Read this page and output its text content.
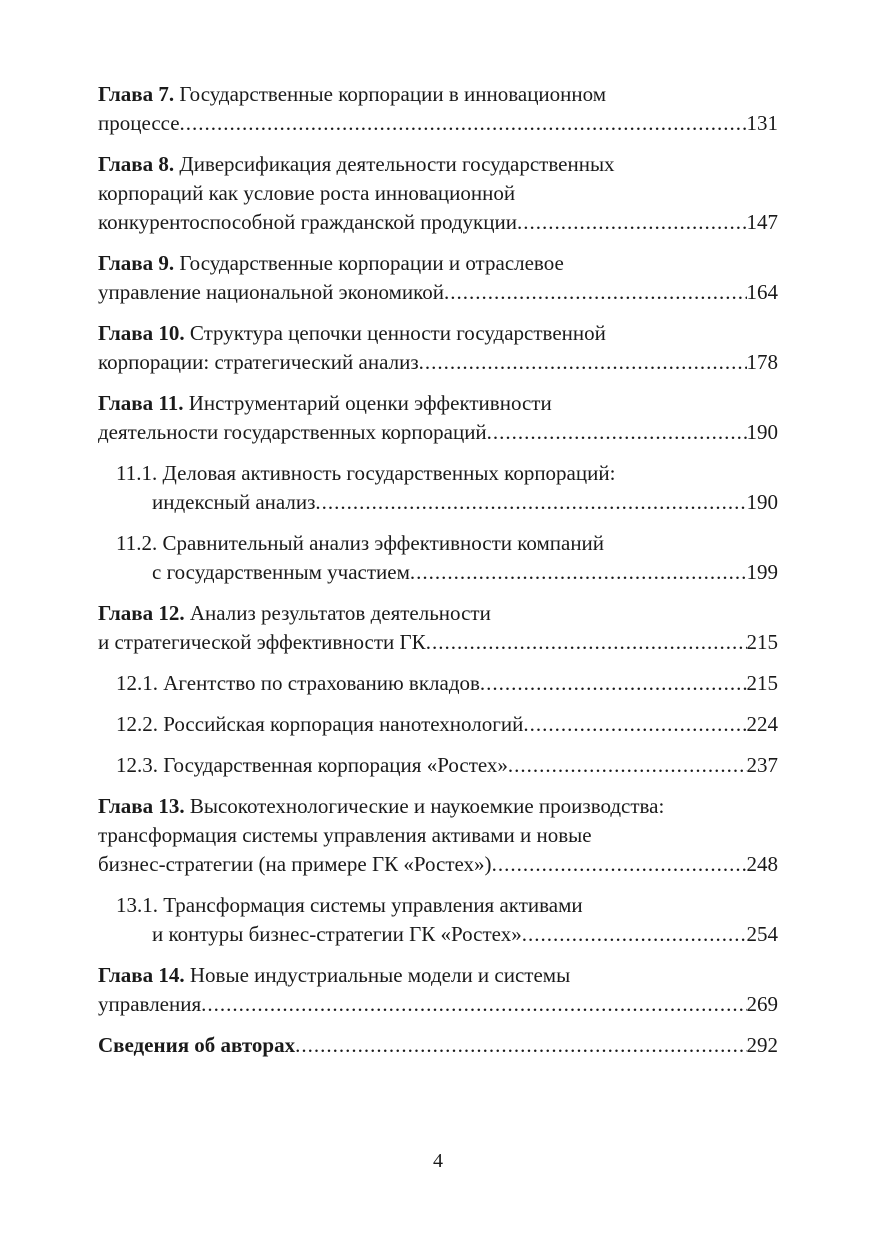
Глава 7. Государственные корпорации в инновационном
процессе .....	131
Глава 8. Диверсификация деятельности государственных
корпораций как условие роста инновационной
конкурентоспособной гражданской продукции .....	147
Глава 9. Государственные корпорации и отраслевое
управление национальной экономикой .....	164
Глава 10. Структура цепочки ценности государственной
корпорации: стратегический анализ .....	178
Глава 11. Инструментарий оценки эффективности
деятельности государственных корпораций .....	190
11.1. Деловая активность государственных корпораций:
индексный анализ .....	190
11.2. Сравнительный анализ эффективности компаний
с государственным участием .....	199
Глава 12. Анализ результатов деятельности
и стратегической эффективности ГК .....	215
12.1. Агентство по страхованию вкладов .....	215
12.2. Российская корпорация нанотехнологий .....	224
12.3. Государственная корпорация «Ростех» .....	237
Глава 13. Высокотехнологические и наукоемкие производства:
трансформация системы управления активами и новые
бизнес-стратегии (на примере ГК «Ростех») .....	248
13.1. Трансформация системы управления активами
и контуры бизнес-стратегии ГК «Ростех» .....	254
Глава 14. Новые индустриальные модели и системы
управления .....	269
Сведения об авторах .....	292
4
